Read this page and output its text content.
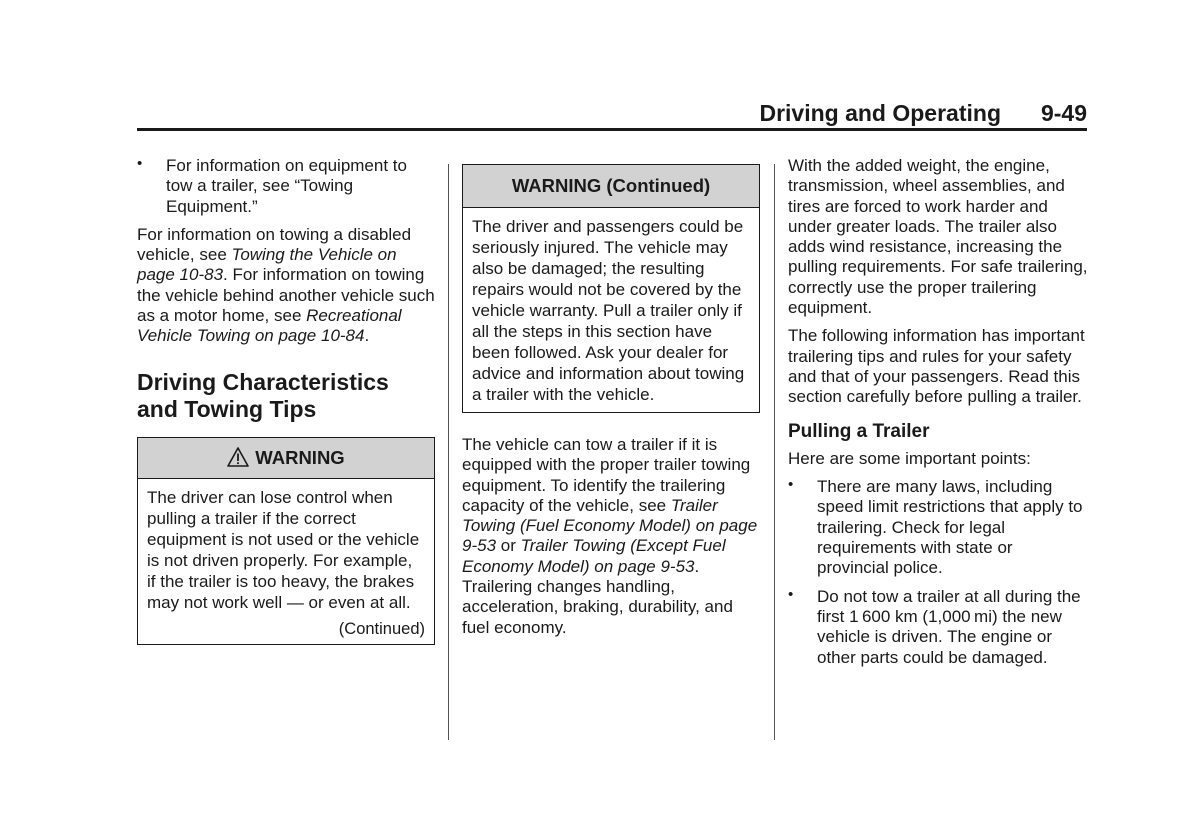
Driving and Operating 9-49
• For information on equipment to tow a trailer, see “Towing Equipment.”

For information on towing a disabled vehicle, see Towing the Vehicle on page 10-83. For information on towing the vehicle behind another vehicle such as a motor home, see Recreational Vehicle Towing on page 10-84.

Driving Characteristics and Towing Tips
WARNING
The driver can lose control when pulling a trailer if the correct equipment is not used or the vehicle is not driven properly. For example, if the trailer is too heavy, the brakes may not work well — or even at all.
(Continued)
WARNING (Continued)
The driver and passengers could be seriously injured. The vehicle may also be damaged; the resulting repairs would not be covered by the vehicle warranty. Pull a trailer only if all the steps in this section have been followed. Ask your dealer for advice and information about towing a trailer with the vehicle.

The vehicle can tow a trailer if it is equipped with the proper trailer towing equipment. To identify the trailering capacity of the vehicle, see Trailer Towing (Fuel Economy Model) on page 9-53 or Trailer Towing (Except Fuel Economy Model) on page 9-53. Trailering changes handling, acceleration, braking, durability, and fuel economy.

With the added weight, the engine, transmission, wheel assemblies, and tires are forced to work harder and under greater loads. The trailer also adds wind resistance, increasing the pulling requirements. For safe trailering, correctly use the proper trailering equipment.

The following information has important trailering tips and rules for your safety and that of your passengers. Read this section carefully before pulling a trailer.

Pulling a Trailer

Here are some important points:

• There are many laws, including speed limit restrictions that apply to trailering. Check for legal requirements with state or provincial police.
• Do not tow a trailer at all during the first 1 600 km (1,000 mi) the new vehicle is driven. The engine or other parts could be damaged.
